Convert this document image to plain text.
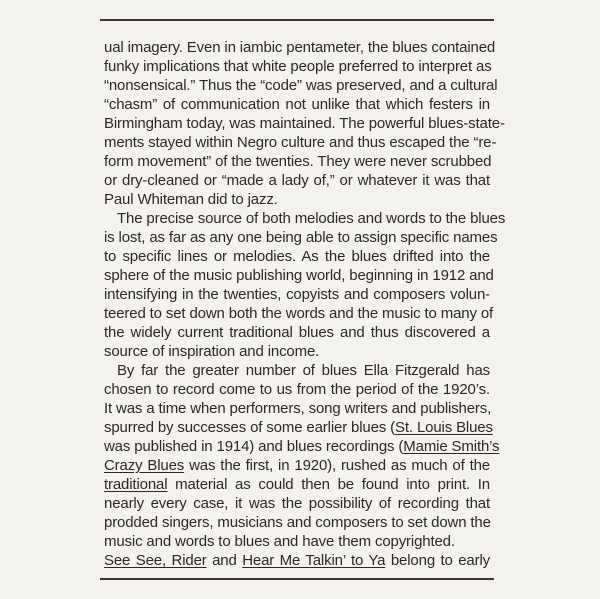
ual imagery. Even in iambic pentameter, the blues contained
funky implications that white people preferred to interpret as
“nonsensical.” Thus the “code” was preserved, and a cultural
“chasm” of communication not unlike that which festers in
Birmingham today, was maintained. The powerful blues-state-
ments stayed within Negro culture and thus escaped the “re-
form movement” of the twenties. They were never scrubbed
or dry-cleaned or “made a lady of,” or whatever it was that
Paul Whiteman did to jazz.
The precise source of both melodies and words to the blues
is lost, as far as any one being able to assign specific names
to specific lines or melodies. As the blues drifted into the
sphere of the music publishing world, beginning in 1912 and
intensifying in the twenties, copyists and composers volun-
teered to set down both the words and the music to many of
the widely current traditional blues and thus discovered a
source of inspiration and income.
By far the greater number of blues Ella Fitzgerald has
chosen to record come to us from the period of the 1920’s.
It was a time when performers, song writers and publishers,
spurred by successes of some earlier blues (St. Louis Blues
was published in 1914) and blues recordings (Mamie Smith’s
Crazy Blues was the first, in 1920), rushed as much of the
traditional material as could then be found into print. In
nearly every case, it was the possibility of recording that
prodded singers, musicians and composers to set down the
music and words to blues and have them copyrighted.
See See, Rider and Hear Me Talkin’ to Ya belong to early
